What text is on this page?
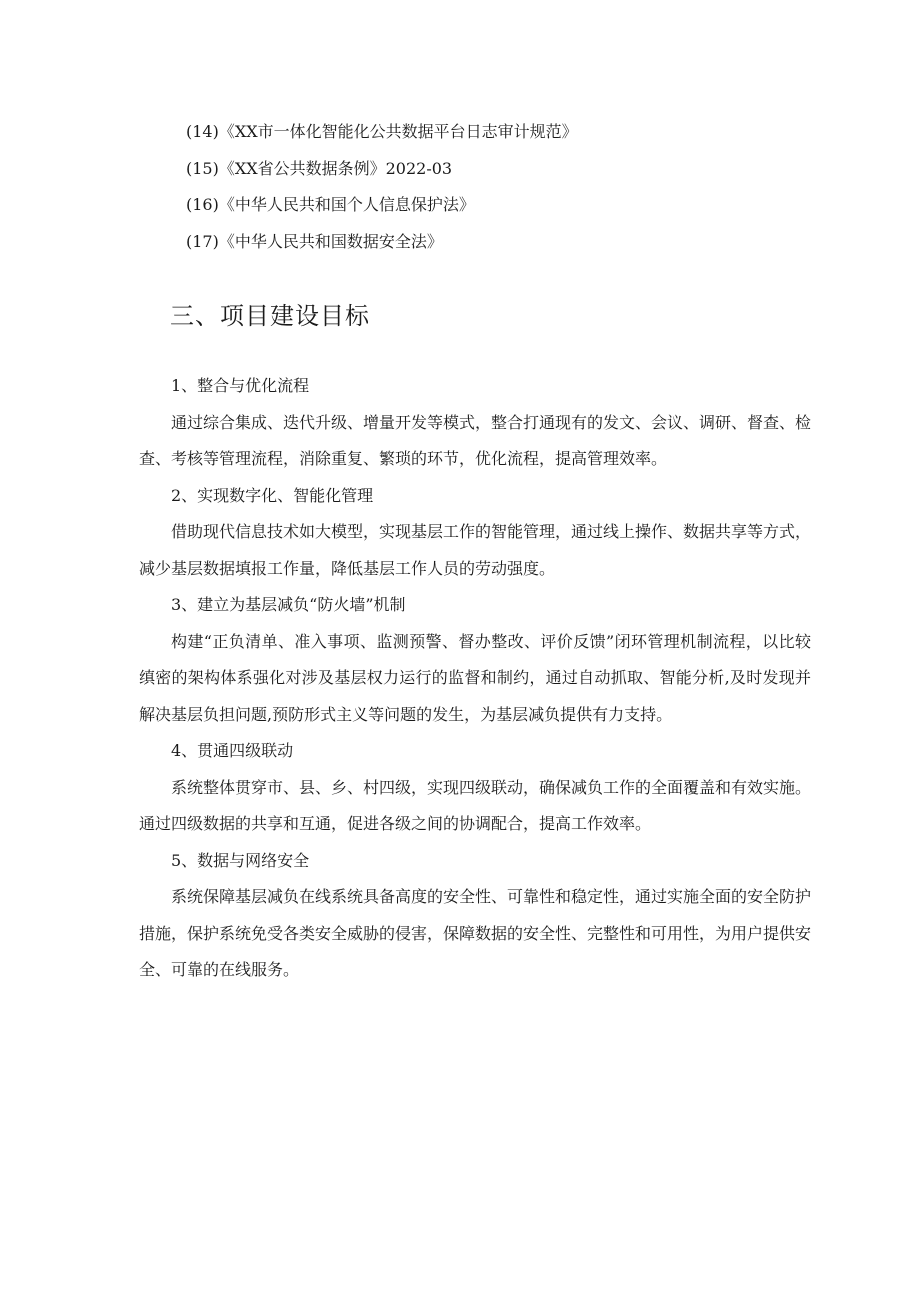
(14)《XX市一体化智能化公共数据平台日志审计规范》
(15)《XX省公共数据条例》2022-03
(16)《中华人民共和国个人信息保护法》
(17)《中华人民共和国数据安全法》
三、项目建设目标

1、整合与优化流程

通过综合集成、迭代升级、增量开发等模式，整合打通现有的发文、会议、调研、督查、检查、考核等管理流程，消除重复、繁琐的环节，优化流程，提高管理效率。

2、实现数字化、智能化管理

借助现代信息技术如大模型，实现基层工作的智能管理，通过线上操作、数据共享等方式，减少基层数据填报工作量，降低基层工作人员的劳动强度。

3、建立为基层减负“防火墙”机制

构建“正负清单、准入事项、监测预警、督办整改、评价反馈”闭环管理机制流程，以比较缜密的架构体系强化对涉及基层权力运行的监督和制约，通过自动抓取、智能分析,及时发现并解决基层负担问题,预防形式主义等问题的发生，为基层减负提供有力支持。

4、贯通四级联动

系统整体贯穿市、县、乡、村四级，实现四级联动，确保减负工作的全面覆盖和有效实施。通过四级数据的共享和互通，促进各级之间的协调配合，提高工作效率。

5、数据与网络安全

系统保障基层减负在线系统具备高度的安全性、可靠性和稳定性，通过实施全面的安全防护措施，保护系统免受各类安全威胁的侵害，保障数据的安全性、完整性和可用性，为用户提供安全、可靠的在线服务。
